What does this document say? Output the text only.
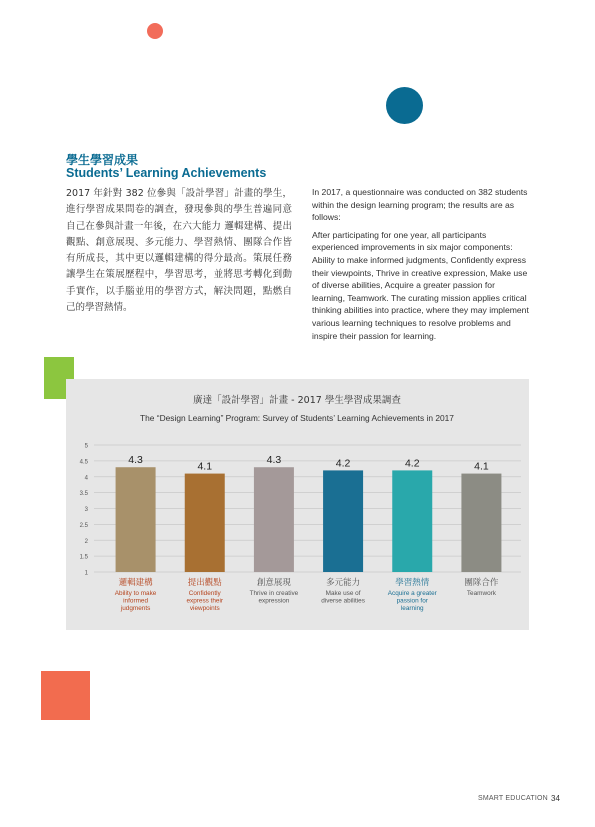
學生學習成果
Students’ Learning Achievements

2017 年針對 382 位參與「設計學習」計畫的學生，進行學習成果問卷的調查，發現參與的學生普遍同意自己在參與計畫一年後，在六大能力 邏輯建構、提出觀點、創意展現、多元能力、學習熱情、團隊合作皆有所成長，其中更以邏輯建構的得分最高。策展任務讓學生在策展歷程中，學習思考，並將思考轉化到動手實作，以手腦並用的學習方式，解決問題，點燃自己的學習熱情。

In 2017, a questionnaire was conducted on 382 students within the design learning program; the results are as follows:

After participating for one year, all participants experienced improvements in six major components: Ability to make informed judgments, Confidently express their viewpoints, Thrive in creative expression, Make use of diverse abilities, Acquire a greater passion for learning, Teamwork. The curating mission applies critical thinking abilities into practice, where they may implement various learning techniques to resolve problems and inspire their passion for learning.

廣達「設計學習」計畫 - 2017 學生學習成果調查
The “Design Learning” Program: Survey of Students’ Learning Achievements in 2017
1
1.5
2
2.5
3
3.5
4
4.5
5
4.3
邏輯建構
Ability to make
informed
judgments
4.1
提出觀點
Confidently
express their
viewpoints
4.3
創意展現
Thrive in creative
expression
4.2
多元能力
Make use of
diverse abilities
4.2
學習熱情
Acquire a greater
passion for
learning
4.1
團隊合作
Teamwork
SMART EDUCATION 34
